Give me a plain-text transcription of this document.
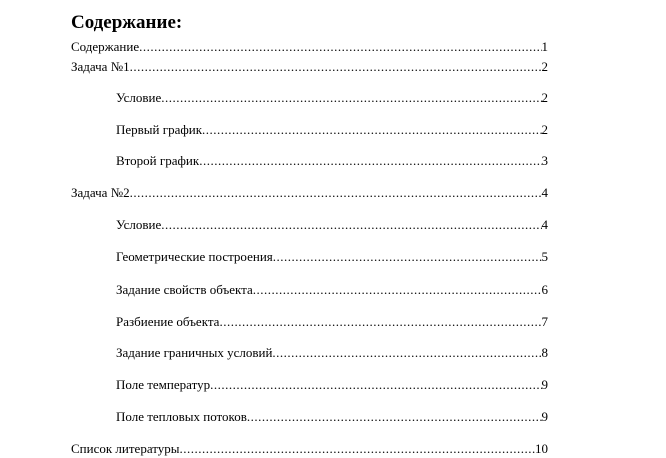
Содержание:
Содержание .....	1
Задача №1 .....	2
Условие .....	2
Первый график .....	2
Второй график .....	3
Задача №2 .....	4
Условие .....	4
Геометрические построения .....	5
Задание свойств объекта .....	6
Разбиение объекта .....	7
Задание граничных условий .....	8
Поле температур .....	9
Поле тепловых потоков .....	9
Список литературы .....	10
